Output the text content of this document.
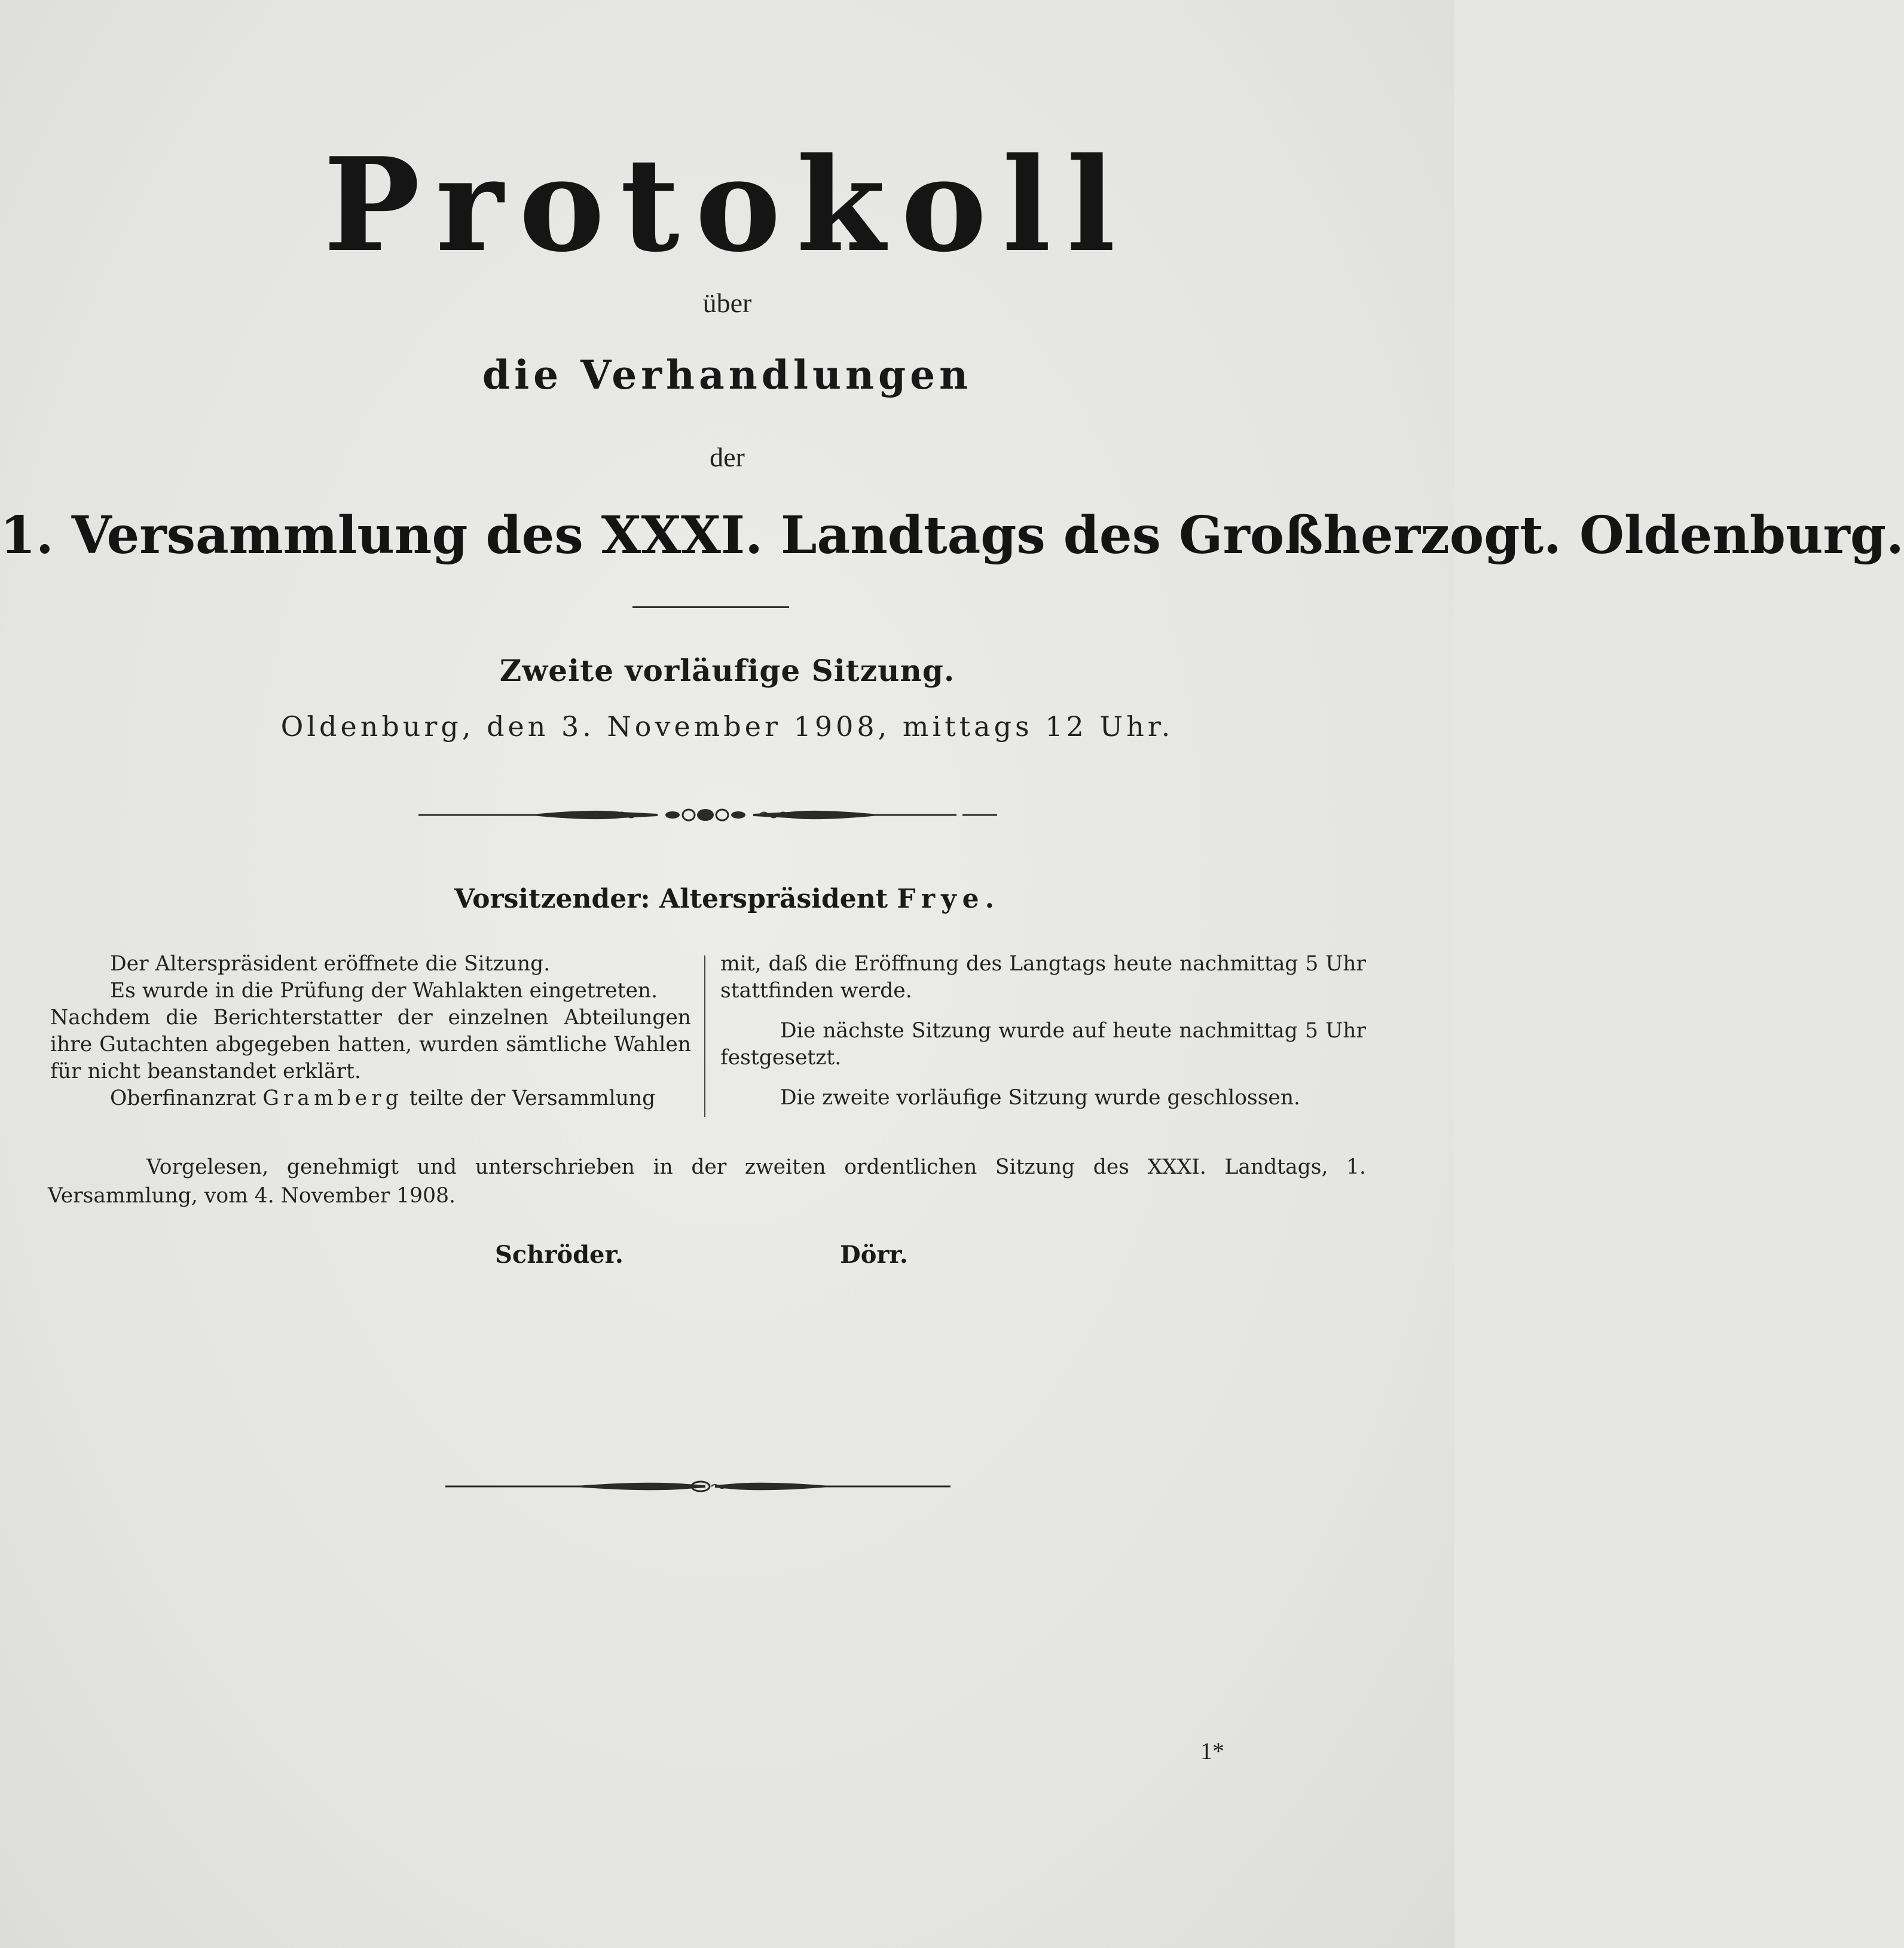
Protokoll
über
die Verhandlungen
der
1. Versammlung des XXXI. Landtags des Großherzogt. Oldenburg.
Zweite vorläufige Sitzung.
Oldenburg, den 3. November 1908, mittags 12 Uhr.
Vorsitzender: Alterspräsident Frye.

Der Alterspräsident eröffnete die Sitzung.

Es wurde in die Prüfung der Wahlakten eingetreten.

Nachdem die Berichterstatter der einzelnen Abteilungen ihre Gutachten abgegeben hatten, wurden sämtliche Wahlen für nicht beanstandet erklärt.

Oberfinanzrat Gramberg teilte der Versammlung

mit, daß die Eröffnung des Langtags heute nachmittag 5 Uhr stattfinden werde.

Die nächste Sitzung wurde auf heute nachmittag 5 Uhr festgesetzt.

Die zweite vorläufige Sitzung wurde geschlossen.

Vorgelesen, genehmigt und unterschrieben in der zweiten ordentlichen Sitzung des XXXI. Landtags, 1. Versammlung, vom 4. November 1908.

Schröder.	Dörr.
1*
